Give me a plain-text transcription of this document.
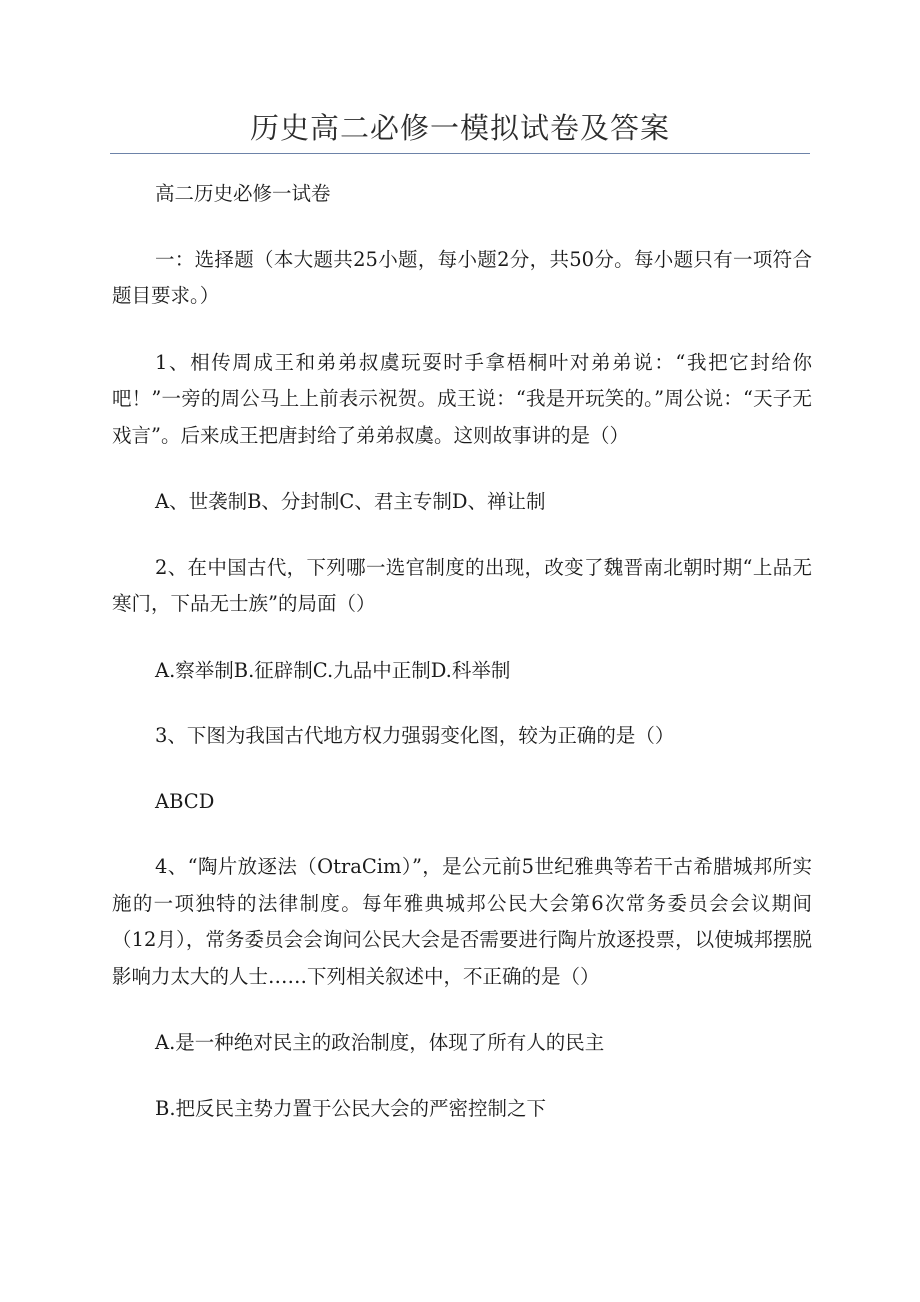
历史高二必修一模拟试卷及答案

高二历史必修一试卷

一：选择题（本大题共25小题，每小题2分，共50分。每小题只有一项符合题目要求。）

1、相传周成王和弟弟叔虞玩耍时手拿梧桐叶对弟弟说：“我把它封给你吧！”一旁的周公马上上前表示祝贺。成王说：“我是开玩笑的。”周公说：“天子无戏言”。后来成王把唐封给了弟弟叔虞。这则故事讲的是（）

A、世袭制B、分封制C、君主专制D、禅让制

2、在中国古代，下列哪一选官制度的出现，改变了魏晋南北朝时期“上品无寒门，下品无士族”的局面（）

A.察举制B.征辟制C.九品中正制D.科举制

3、下图为我国古代地方权力强弱变化图，较为正确的是（）

ABCD

4、“陶片放逐法（OtraCim）”，是公元前5世纪雅典等若干古希腊城邦所实施的一项独特的法律制度。每年雅典城邦公民大会第6次常务委员会会议期间（12月），常务委员会会询问公民大会是否需要进行陶片放逐投票，以使城邦摆脱影响力太大的人士……下列相关叙述中，不正确的是（）

A.是一种绝对民主的政治制度，体现了所有人的民主

B.把反民主势力置于公民大会的严密控制之下
